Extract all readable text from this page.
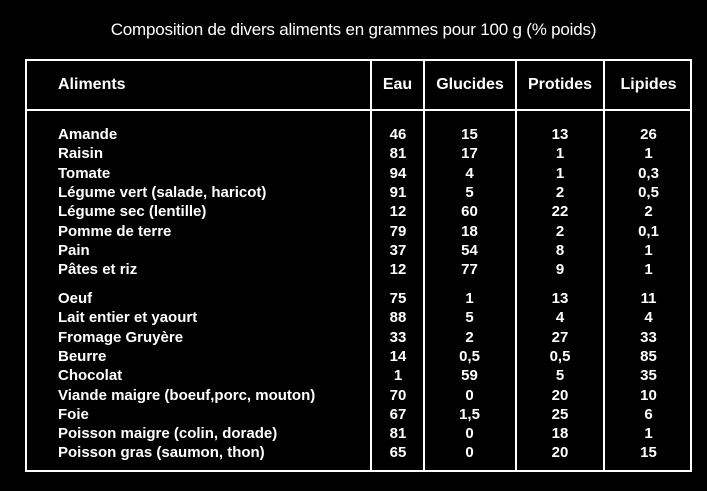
Composition de divers aliments en grammes pour 100 g (% poids)
Aliments	Eau	Glucides	Protides	Lipides
Amande	46	15	13	26
Raisin	81	17	1	1
Tomate	94	4	1	0,3
Légume vert (salade, haricot)	91	5	2	0,5
Légume sec (lentille)	12	60	22	2
Pomme de terre	79	18	2	0,1
Pain	37	54	8	1
Pâtes et riz	12	77	9	1
Oeuf	75	1	13	11
Lait entier et yaourt	88	5	4	4
Fromage Gruyère	33	2	27	33
Beurre	14	0,5	0,5	85
Chocolat	1	59	5	35
Viande maigre (boeuf,porc, mouton)	70	0	20	10
Foie	67	1,5	25	6
Poisson maigre (colin, dorade)	81	0	18	1
Poisson gras (saumon, thon)	65	0	20	15
